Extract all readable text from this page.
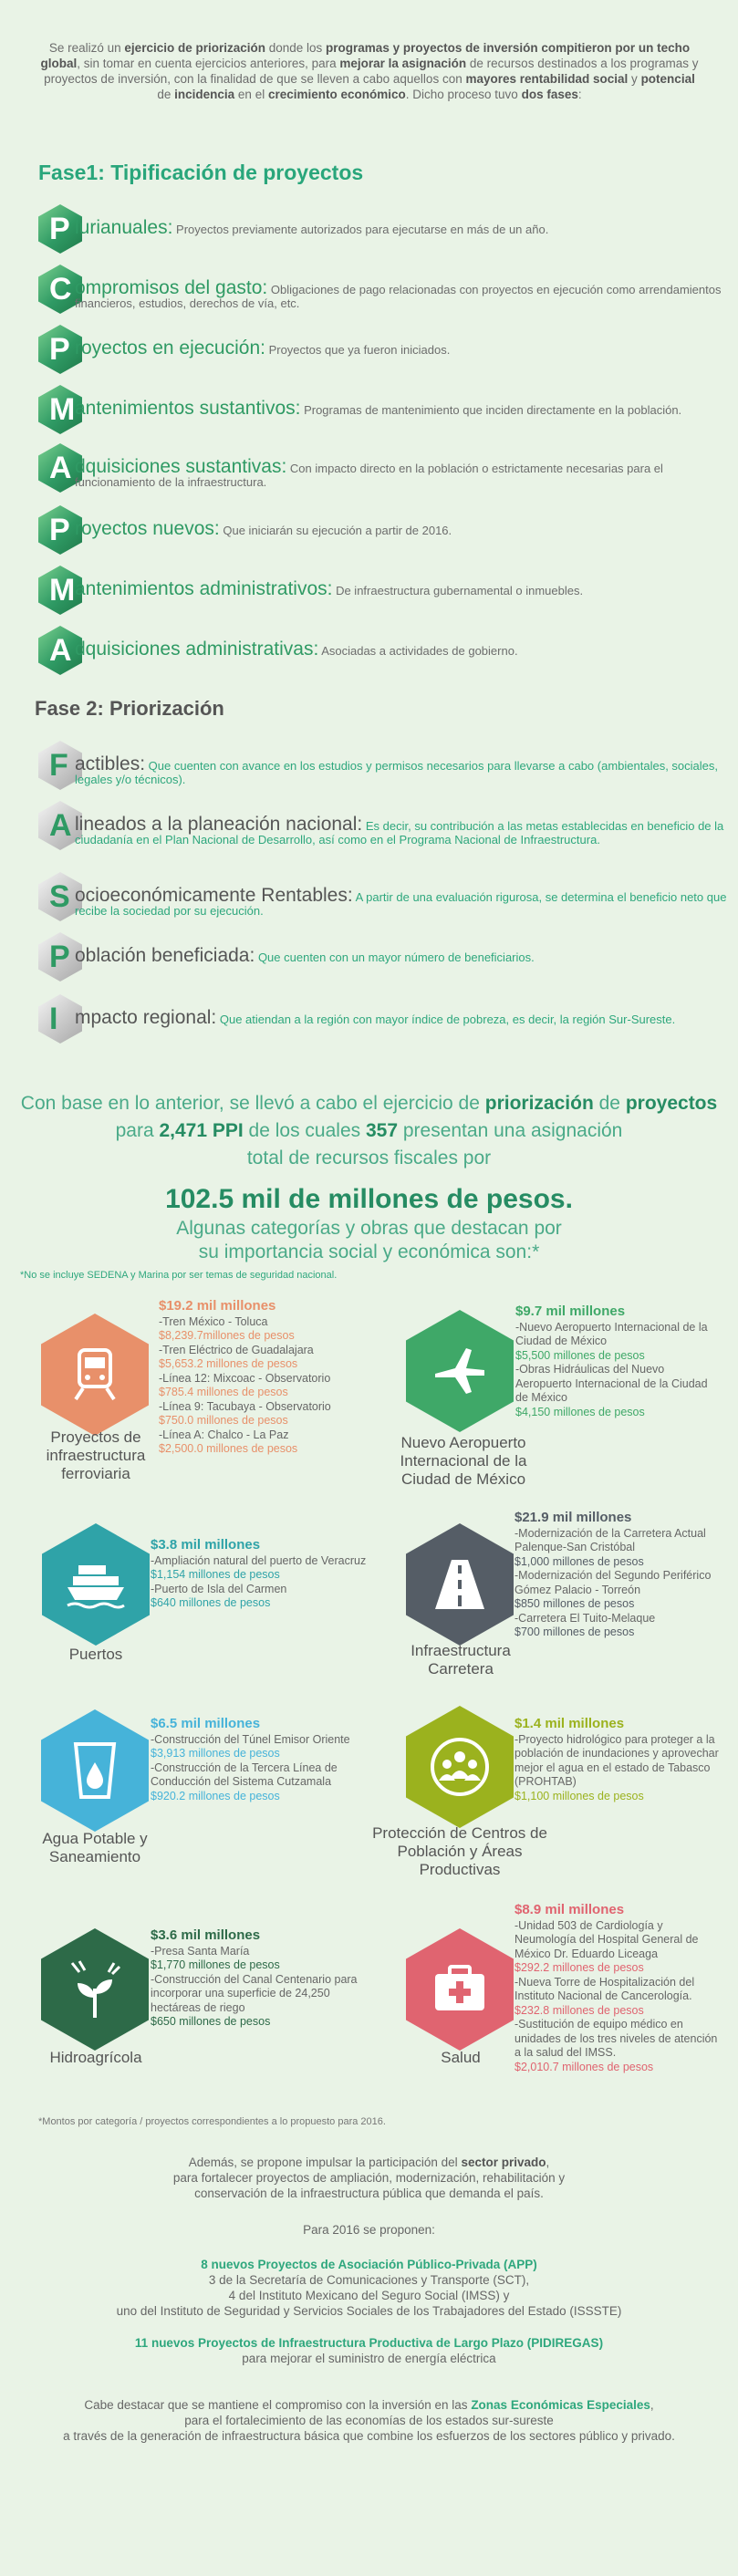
Se realizó un ejercicio de priorización donde los programas y proyectos de inversión compitieron por un techo global, sin tomar en cuenta ejercicios anteriores, para mejorar la asignación de recursos destinados a los programas y proyectos de inversión, con la finalidad de que se lleven a cabo aquellos con mayores rentabilidad social y potencial de incidencia en el crecimiento económico. Dicho proceso tuvo dos fases:

Fase1: Tipificación de proyectos
P lurianuales: Proyectos previamente autorizados para ejecutarse en más de un año.

C ompromisos del gasto: Obligaciones de pago relacionadas con proyectos en ejecución como arrendamientos financieros, estudios, derechos de vía, etc.

P royectos en ejecución: Proyectos que ya fueron iniciados.

M antenimientos sustantivos: Programas de mantenimiento que inciden directamente en la población.

A dquisiciones sustantivas: Con impacto directo en la población o estrictamente necesarias para el funcionamiento de la infraestructura.

P royectos nuevos: Que iniciarán su ejecución a partir de 2016.

M antenimientos administrativos: De infraestructura gubernamental o inmuebles.

A dquisiciones administrativas: Asociadas a actividades de gobierno.

Fase 2: Priorización
F actibles: Que cuenten con avance en los estudios y permisos necesarios para llevarse a cabo (ambientales, sociales, legales y/o técnicos).

A lineados a la planeación nacional: Es decir, su contribución a las metas establecidas en beneficio de la ciudadanía en el Plan Nacional de Desarrollo, así como en el Programa Nacional de Infraestructura.

S ocioeconómicamente Rentables: A partir de una evaluación rigurosa, se determina el beneficio neto que recibe la sociedad por su ejecución.

P oblación beneficiada: Que cuenten con un mayor número de beneficiarios.

I mpacto regional: Que atiendan a la región con mayor índice de pobreza, es decir, la región Sur-Sureste.

Con base en lo anterior, se llevó a cabo el ejercicio de priorización de proyectos

para 2,471 PPI de los cuales 357 presentan una asignación

total de recursos fiscales por

102.5 mil de millones de pesos.

Algunas categorías y obras que destacan por
su importancia social y económica son:*

*No se incluye SEDENA y Marina por ser temas de seguridad nacional.

Proyectos de infraestructura ferroviaria
$19.2 mil millones
-Tren México - Toluca
$8,239.7millones de pesos
-Tren Eléctrico de Guadalajara
$5,653.2 millones de pesos
-Línea 12: Mixcoac - Observatorio
$785.4 millones de pesos
-Línea 9: Tacubaya - Observatorio
$750.0 millones de pesos
-Línea A: Chalco - La Paz
$2,500.0 millones de pesos	Nuevo Aeropuerto Internacional de la Ciudad de México
$9.7 mil millones
-Nuevo Aeropuerto Internacional de la Ciudad de México
$5,500 millones de pesos
-Obras Hidráulicas del Nuevo Aeropuerto Internacional de la Ciudad de México
$4,150 millones de pesos
Puertos
$3.8 mil millones
-Ampliación natural del puerto de Veracruz
$1,154 millones de pesos
-Puerto de Isla del Carmen
$640 millones de pesos
Infraestructura Carretera
$21.9 mil millones
-Modernización de la Carretera Actual Palenque-San Cristóbal
$1,000 millones de pesos
-Modernización del Segundo Periférico Gómez Palacio - Torreón
$850 millones de pesos
-Carretera El Tuito-Melaque
$700 millones de pesos
Agua Potable y Saneamiento
$6.5 mil millones
-Construcción del Túnel Emisor Oriente
$3,913 millones de pesos
-Construcción de la Tercera Línea de Conducción del Sistema Cutzamala
$920.2 millones de pesos
Protección de Centros de Población y Áreas Productivas
$1.4 mil millones
-Proyecto hidrológico para proteger a la población de inundaciones y aprovechar mejor el agua en el estado de Tabasco (PROHTAB)
$1,100 millones de pesos
Hidroagrícola
$3.6 mil millones
-Presa Santa María
$1,770 millones de pesos
-Construcción del Canal Centenario para incorporar una superficie de 24,250 hectáreas de riego
$650 millones de pesos
Salud
$8.9 mil millones
-Unidad 503 de Cardiología y Neumología del Hospital General de México Dr. Eduardo Liceaga
$292.2 millones de pesos
-Nueva Torre de Hospitalización del Instituto Nacional de Cancerología.
$232.8 millones de pesos
-Sustitución de equipo médico en unidades de los tres niveles de atención a la salud del IMSS.
$2,010.7 millones de pesos

*Montos por categoría / proyectos correspondientes a lo propuesto para 2016.

Además, se propone impulsar la participación del sector privado,
para fortalecer proyectos de ampliación, modernización, rehabilitación y
conservación de la infraestructura pública que demanda el país.
Para 2016 se proponen:
8 nuevos Proyectos de Asociación Público-Privada (APP)
3 de la Secretaría de Comunicaciones y Transporte (SCT),
4 del Instituto Mexicano del Seguro Social (IMSS) y
uno del Instituto de Seguridad y Servicios Sociales de los Trabajadores del Estado (ISSSTE)
11 nuevos Proyectos de Infraestructura Productiva de Largo Plazo (PIDIREGAS)
para mejorar el suministro de energía eléctrica
Cabe destacar que se mantiene el compromiso con la inversión en las Zonas Económicas Especiales,
para el fortalecimiento de las economías de los estados sur-sureste
a través de la generación de infraestructura básica que combine los esfuerzos de los sectores público y privado.
